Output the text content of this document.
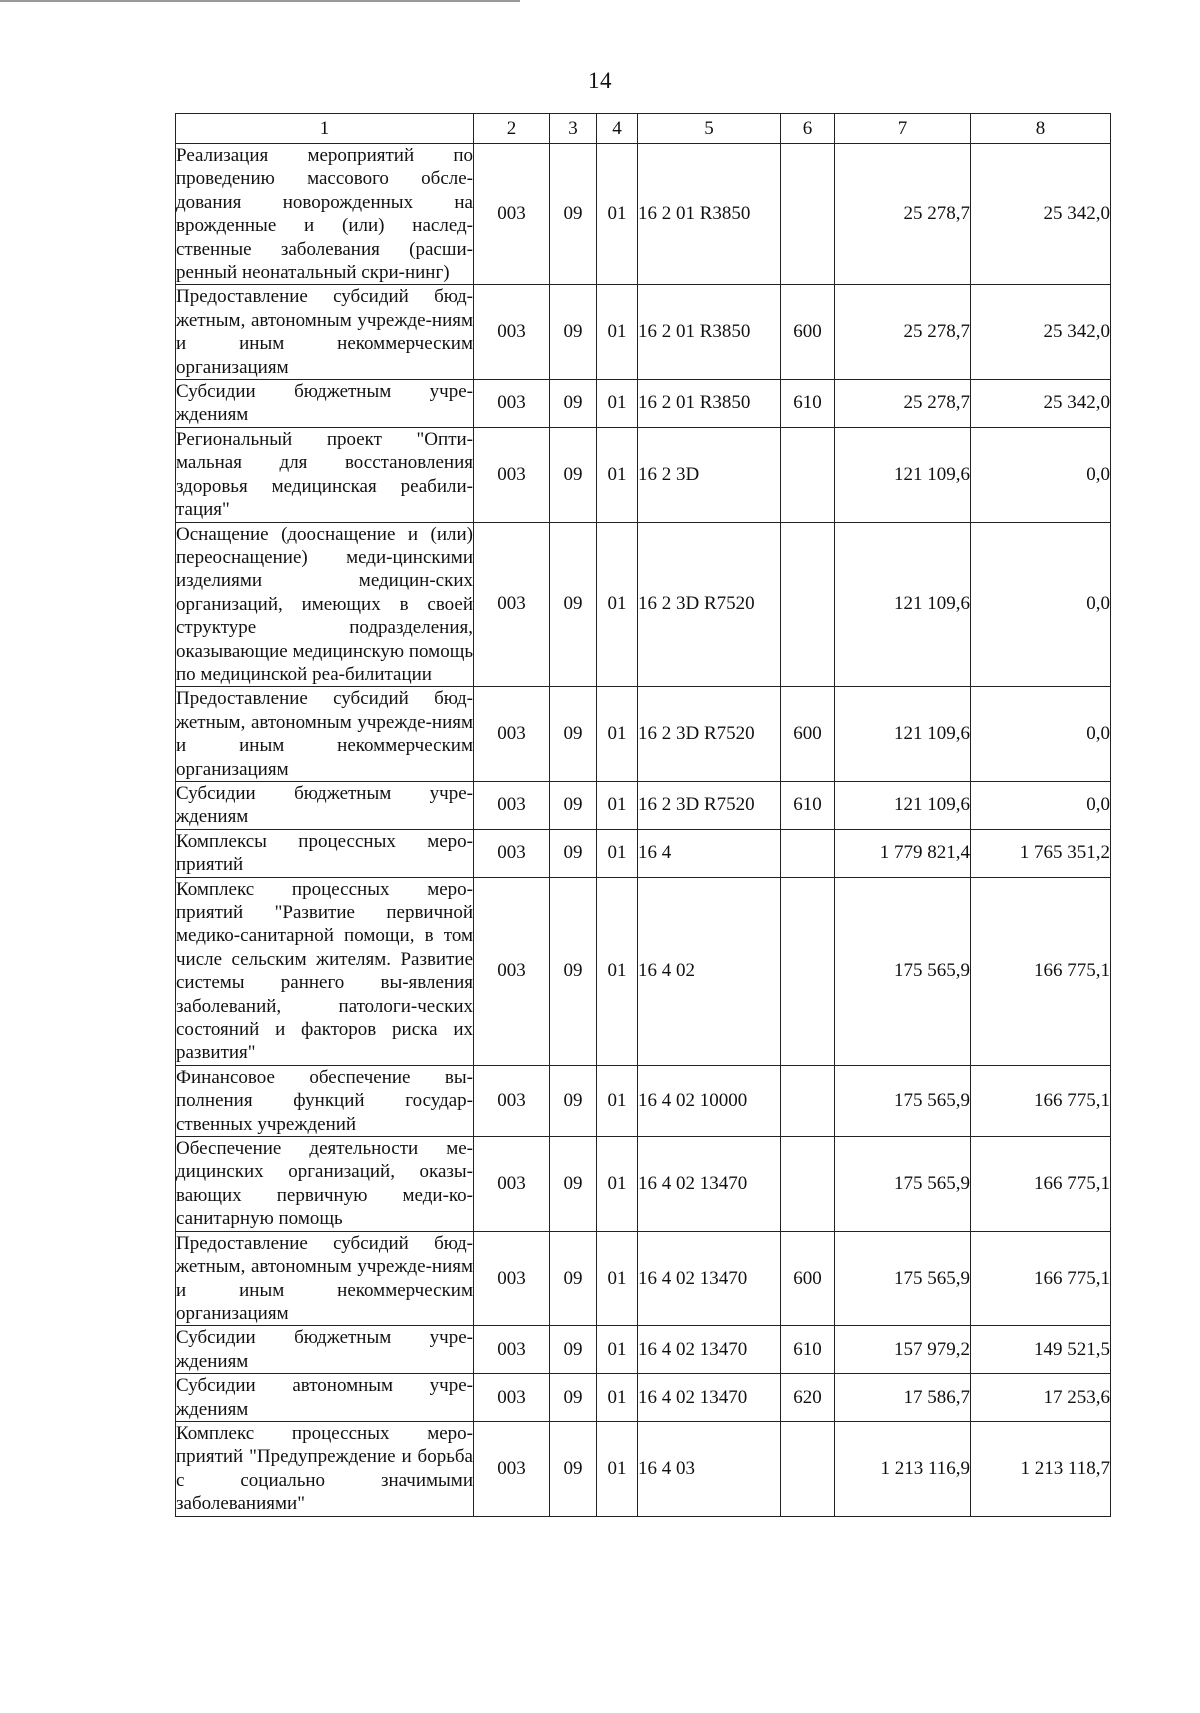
14
1	2	3	4	5	6	7	8
Реализация мероприятий по проведению массового обсле-дования новорожденных на врожденные и (или) наслед-ственные заболевания (расши-ренный неонатальный скри-нинг)	003	09	01	16 2 01 R3850		25 278,7	25 342,0
Предоставление субсидий бюд-жетным, автономным учрежде-ниям и иным некоммерческим организациям	003	09	01	16 2 01 R3850	600	25 278,7	25 342,0
Субсидии бюджетным учре-ждениям	003	09	01	16 2 01 R3850	610	25 278,7	25 342,0
Региональный проект "Опти-мальная для восстановления здоровья медицинская реабили-тация"	003	09	01	16 2 3D		121 109,6	0,0
Оснащение (дооснащение и (или) переоснащение) меди-цинскими изделиями медицин-ских организаций, имеющих в своей структуре подразделения, оказывающие медицинскую помощь по медицинской реа-билитации	003	09	01	16 2 3D R7520		121 109,6	0,0
Предоставление субсидий бюд-жетным, автономным учрежде-ниям и иным некоммерческим организациям	003	09	01	16 2 3D R7520	600	121 109,6	0,0
Субсидии бюджетным учре-ждениям	003	09	01	16 2 3D R7520	610	121 109,6	0,0
Комплексы процессных меро-приятий	003	09	01	16 4		1 779 821,4	1 765 351,2
Комплекс процессных меро-приятий "Развитие первичной медико-санитарной помощи, в том числе сельским жителям. Развитие системы раннего вы-явления заболеваний, патологи-ческих состояний и факторов риска их развития"	003	09	01	16 4 02		175 565,9	166 775,1
Финансовое обеспечение вы-полнения функций государ-ственных учреждений	003	09	01	16 4 02 10000		175 565,9	166 775,1
Обеспечение деятельности ме-дицинских организаций, оказы-вающих первичную меди-ко-санитарную помощь	003	09	01	16 4 02 13470		175 565,9	166 775,1
Предоставление субсидий бюд-жетным, автономным учрежде-ниям и иным некоммерческим организациям	003	09	01	16 4 02 13470	600	175 565,9	166 775,1
Субсидии бюджетным учре-ждениям	003	09	01	16 4 02 13470	610	157 979,2	149 521,5
Субсидии автономным учре-ждениям	003	09	01	16 4 02 13470	620	17 586,7	17 253,6
Комплекс процессных меро-приятий "Предупреждение и борьба с социально значимыми заболеваниями"	003	09	01	16 4 03		1 213 116,9	1 213 118,7
